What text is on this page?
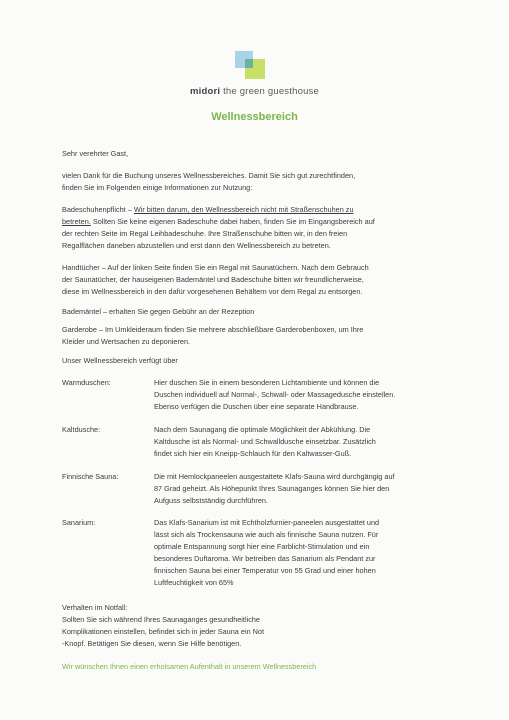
midori the green guesthouse
Wellnessbereich
Sehr verehrter Gast,
vielen Dank für die Buchung unseres Wellnessbereiches. Damit Sie sich gut zurechtfinden,
finden Sie im Folgenden einige Informationen zur Nutzung:
Badeschuhenpflicht – Wir bitten darum, den Wellnessbereich nicht mit Straßenschuhen zu
betreten. Sollten Sie keine eigenen Badeschuhe dabei haben, finden Sie im Eingangsbereich auf
der rechten Seite im Regal Leihbadeschuhe. Ihre Straßenschuhe bitten wir, in den freien
Regalflächen daneben abzustellen und erst dann den Wellnessbereich zu betreten.
Handtücher – Auf der linken Seite finden Sie ein Regal mit Saunatüchern. Nach dem Gebrauch
der Saunatücher, der hauseigenen Bademäntel und Badeschuhe bitten wir freundlicherweise,
diese im Wellnessbereich in den dafür vorgesehenen Behältern vor dem Regal zu entsorgen.
Bademäntel – erhalten Sie gegen Gebühr an der Rezeption
Garderobe – Im Umkleideraum finden Sie mehrere abschließbare Garderobenboxen, um Ihre
Kleider und Wertsachen zu deponieren.
Unser Wellnessbereich verfügt über
Warmduschen:	Hier duschen Sie in einem besonderen Lichtambiente und können die
Duschen individuell auf Normal-, Schwall- oder Massagedusche einstellen.
Ebenso verfügen die Duschen über eine separate Handbrause.
Kaltdusche:	Nach dem Saunagang die optimale Möglichkeit der Abkühlung. Die
Kaltdusche ist als Normal- und Schwalldusche einsetzbar. Zusätzlich
findet sich hier ein Kneipp-Schlauch für den Kaltwasser-Guß.
Finnische Sauna:	Die mit Hemlockpaneelen ausgestattete Klafs-Sauna wird durchgängig auf
87 Grad geheizt. Als Höhepunkt Ihres Saunaganges können Sie hier den
Aufguss selbstständig durchführen.
Sanarium:	Das Klafs-Sanarium ist mit Echtholzfurnier-paneelen ausgestattet und
lässt sich als Trockensauna wie auch als finnische Sauna nutzen. Für
optimale Entspannung sorgt hier eine Farblicht-Stimulation und ein
besonderes Duftaroma. Wir betreiben das Sanarium als Pendant zur
finnischen Sauna bei einer Temperatur von 55 Grad und einer hohen
Luftfeuchtigkeit von 65%
Verhalten im Notfall:
Sollten Sie sich während Ihres Saunaganges gesundheitliche
Komplikationen einstellen, befindet sich in jeder Sauna ein Not
-Knopf. Betätigen Sie diesen, wenn Sie Hilfe benötigen.
Wir wünschen Ihnen einen erholsamen Aufenthalt in unserem Wellnessbereich
